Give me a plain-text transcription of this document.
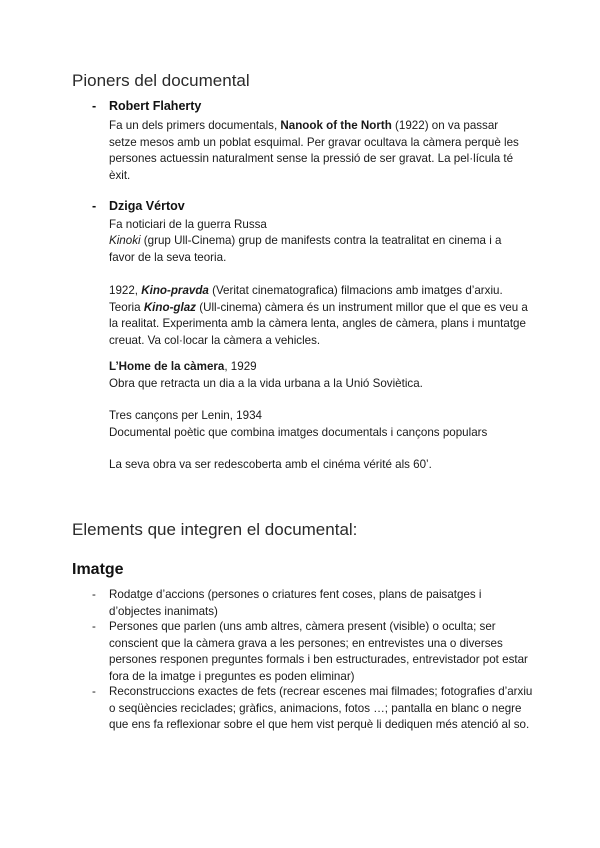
Pioners del documental
- Robert Flaherty

Fa un dels primers documentals, Nanook of the North (1922) on va passar setze mesos amb un poblat esquimal. Per gravar ocultava la càmera perquè les persones actuessin naturalment sense la pressió de ser gravat. La pel·lícula té èxit.

- Dziga Vértov

Fa noticiari de la guerra Russa

Kinoki (grup Ull-Cinema) grup de manifests contra la teatralitat en cinema i a favor de la seva teoria.

1922, Kino-pravda (Veritat cinematografica) filmacions amb imatges d’arxiu. Teoria Kino-glaz (Ull-cinema) càmera és un instrument millor que el que es veu a la realitat. Experimenta amb la càmera lenta, angles de càmera, plans i muntatge creuat. Va col·locar la càmera a vehicles.

L’Home de la càmera, 1929
Obra que retracta un dia a la vida urbana a la Unió Soviètica.

Tres cançons per Lenin, 1934
Documental poètic que combina imatges documentals i cançons populars

La seva obra va ser redescoberta amb el cinéma vérité als 60’.

Elements que integren el documental:
Imatge
- Rodatge d’accions (persones o criatures fent coses, plans de paisatges i d’objectes inanimats)

- Persones que parlen (uns amb altres, càmera present (visible) o oculta; ser conscient que la càmera grava a les persones; en entrevistes una o diverses persones responen preguntes formals i ben estructurades, entrevistador pot estar fora de la imatge i preguntes es poden eliminar)

- Reconstruccions exactes de fets (recrear escenes mai filmades; fotografies d’arxiu o seqüències reciclades; gràfics, animacions, fotos …; pantalla en blanc o negre que ens fa reflexionar sobre el que hem vist perquè li dediquen més atenció al so.
